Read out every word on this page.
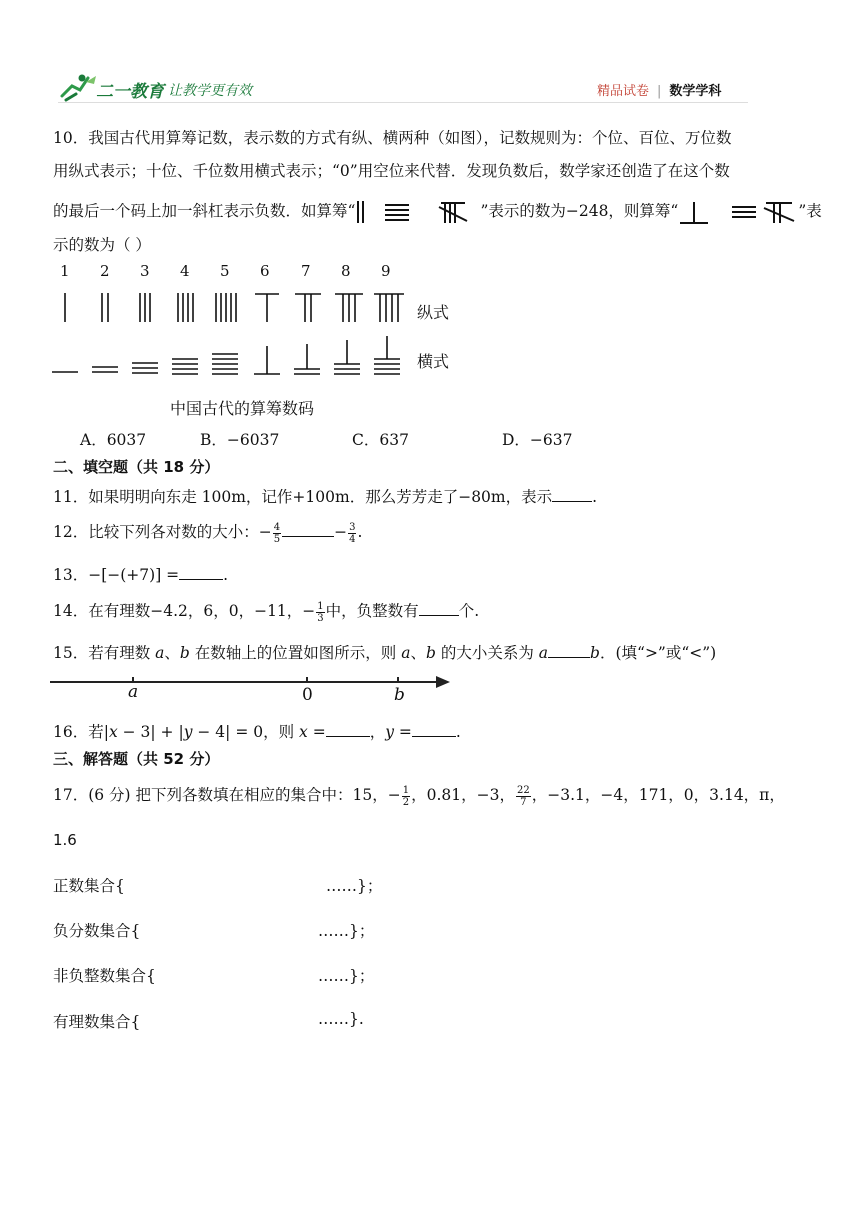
二一教育 让教学更有效	精品试卷 | 数学学科
10．我国古代用算筹记数，表示数的方式有纵、横两种（如图），记数规则为：个位、百位、万位数
用纵式表示；十位、千位数用横式表示；“0”用空位来代替．发现负数后，数学家还创造了在这个数
的最后一个码上加一斜杠表示负数．如算筹“	”表示的数为−248，则算筹“	”表
示的数为（ ）
1 2 3 4 5 6 7 8 9
纵式
横式
中国古代的算筹数码
A．6037	B．−6037	C．637	D．−637
二、填空题（共 18 分）
11．如果明明向东走 100m，记作+100m．那么芳芳走了−80m，表示	.
12．比较下列各对数的大小：− $\frac{4}{5}$	− $\frac{3}{4}$ .
13．−[−(+7)] =	.
14．在有理数−4.2，6，0，−11，− $\frac{1}{3}$ 中，负整数有	个.
15．若有理数 a、b 在数轴上的位置如图所示，则 a、b 的大小关系为 a	b．(填“>”或“<”)
a	0	b
16．若|x − 3| + |y − 4| = 0，则 x =	，y =	.
三、解答题（共 52 分）
17．(6 分) 把下列各数填在相应的集合中：15，− $\frac{1}{2}$ ，0.81，−3， $\frac{22}{7}$ ，−3.1，−4，171，0，3.14，π，
1.6
正数集合{	……}；
负分数集合{	……}；
非负整数集合{	……}；
有理数集合{	……}.
